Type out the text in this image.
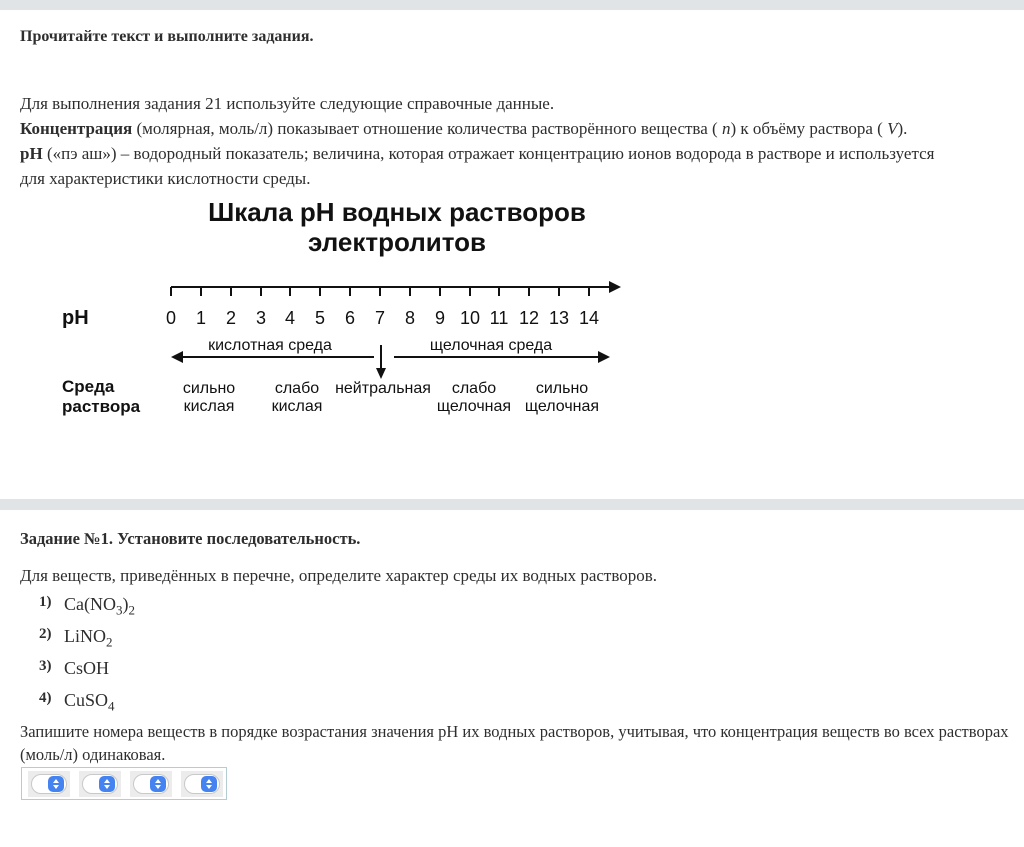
Прочитайте текст и выполните задания.
Для выполнения задания 21 используйте следующие справочные данные.
Концентрация (молярная, моль/л) показывает отношение количества растворённого вещества ( n) к объёму раствора ( V).
pH («пэ аш») – водородный показатель; величина, которая отражает концентрацию ионов водорода в растворе и используется
для характеристики кислотности среды.
Шкала pH водных растворов
электролитов
pH	0 1 2 3 4 5 6 7 8 9 10 11 12 13 14
кислотная среда	щелочная среда
Среда
раствора
сильно
кислая
слабо
кислая
нейтральная слабо
щелочная
сильно
щелочная
Задание №1. Установите последовательность.
Для веществ, приведённых в перечне, определите характер среды их водных растворов.
1) $Ca(NO_3)_2$
2) LiNO$_2$
3) CsOH
4) CuSO$_4$
Запишите номера веществ в порядке возрастания значения pH их водных растворов, учитывая, что концентрация веществ во всех растворах
(моль/л) одинаковая.
